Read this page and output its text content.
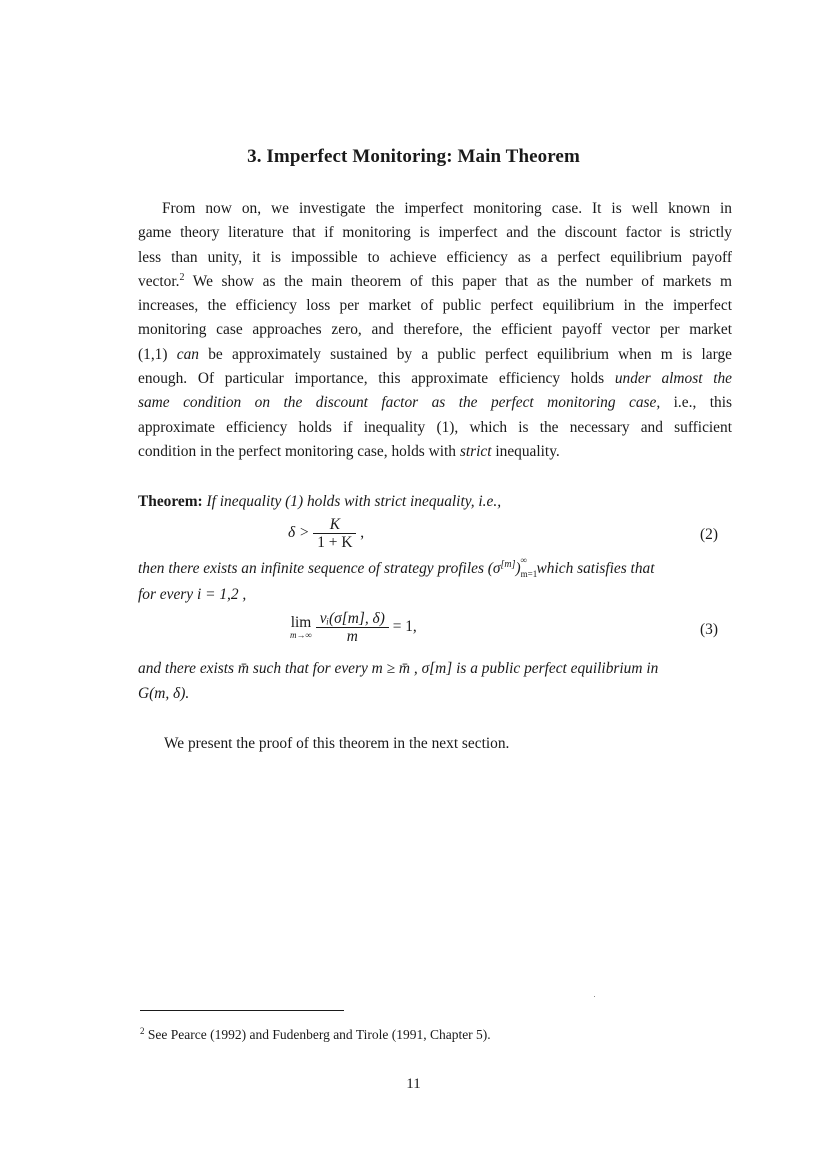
3. Imperfect Monitoring: Main Theorem
From now on, we investigate the imperfect monitoring case. It is well known in
game theory literature that if monitoring is imperfect and the discount factor is strictly
less than unity, it is impossible to achieve efficiency as a perfect equilibrium payoff
vector.$^2$ We show as the main theorem of this paper that as the number of markets m
increases, the efficiency loss per market of public perfect equilibrium in the imperfect
monitoring case approaches zero, and therefore, the efficient payoff vector per market
(1,1) can be approximately sustained by a public perfect equilibrium when m is large
enough. Of particular importance, this approximate efficiency holds under almost the
same condition on the discount factor as the perfect monitoring case, i.e., this
approximate efficiency holds if inequality (1), which is the necessary and sufficient
condition in the perfect monitoring case, holds with strict inequality.
Theorem: If inequality (1) holds with strict inequality, i.e.,
$\delta > \frac{K}{1 + K}$ ,	(2)
then there exists an infinite sequence of strategy profiles (σ[m]) ∞
m=1
which satisfies that
for every i = 1,2 ,
lim
m→∞
$\frac{\text{vᵢ(σ[m], δ)}}{m} = 1$,	(3)
and there exists m̄ such that for every m ≥ m̄ , σ[m] is a public perfect equilibrium in
G(m, δ).
We present the proof of this theorem in the next section.
$^2$ See Pearce (1992) and Fudenberg and Tirole (1991, Chapter 5).
11
